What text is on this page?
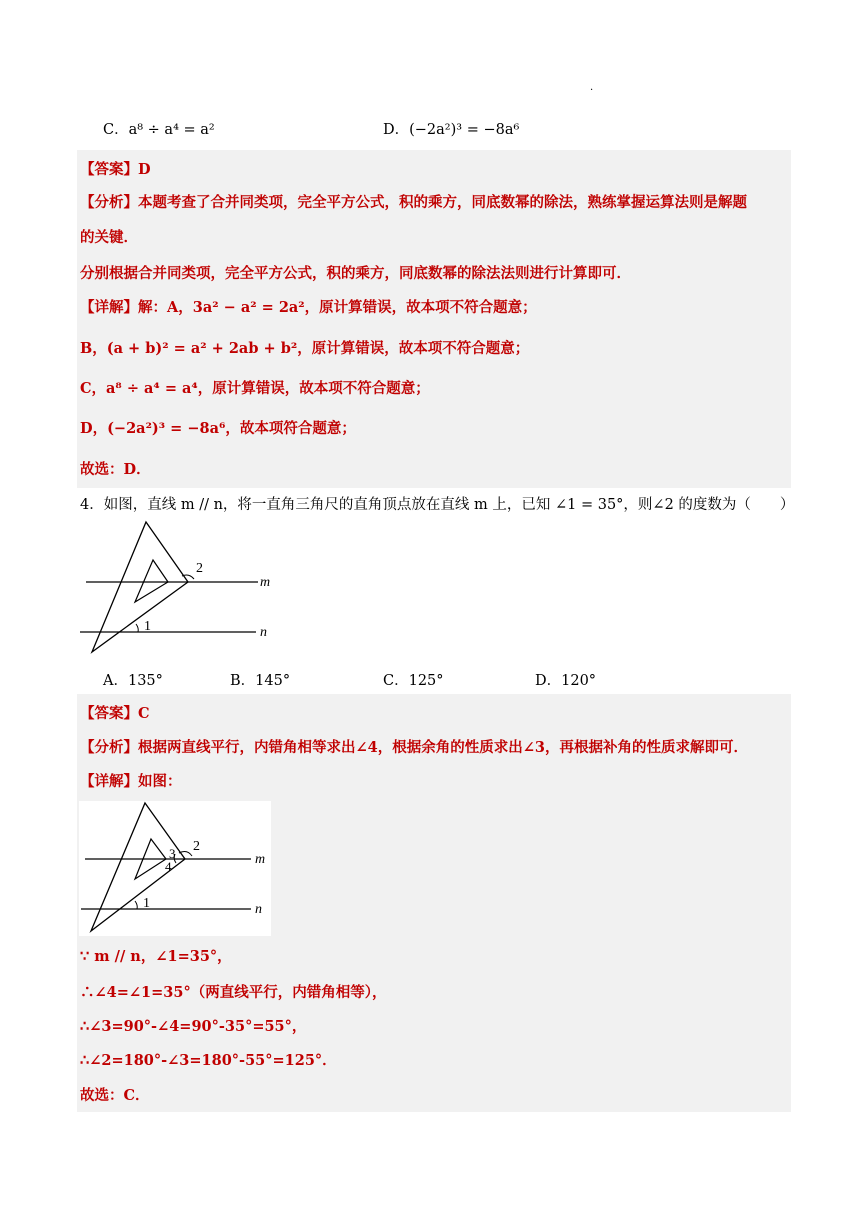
.
C．a⁸ ÷ a⁴ = a²	D．(−2a²)³ = −8a⁶
【答案】D
【分析】本题考查了合并同类项，完全平方公式，积的乘方，同底数幂的除法，熟练掌握运算法则是解题
的关键．
分别根据合并同类项，完全平方公式，积的乘方，同底数幂的除法法则进行计算即可．
【详解】解：A，3a² − a² = 2a²，原计算错误，故本项不符合题意；
B，(a + b)² = a² + 2ab + b²，原计算错误，故本项不符合题意；
C，a⁸ ÷ a⁴ = a⁴，原计算错误，故本项不符合题意；
D，(−2a²)³ = −8a⁶，故本项符合题意；
故选：D．
4．如图，直线 m // n，将一直角三角尺的直角顶点放在直线 m 上，已知 ∠1 = 35°，则∠2 的度数为（　　）
2
1
m
n
A．135°	B．145°	C．125°	D．120°
【答案】C
【分析】根据两直线平行，内错角相等求出∠4，根据余角的性质求出∠3，再根据补角的性质求解即可．
【详解】如图：
2
3
4
1
m
n
∵ m // n，∠1=35°，
∴∠4=∠1=35°（两直线平行，内错角相等），
∴∠3=90°-∠4=90°-35°=55°，
∴∠2=180°-∠3=180°-55°=125°．
故选：C．
